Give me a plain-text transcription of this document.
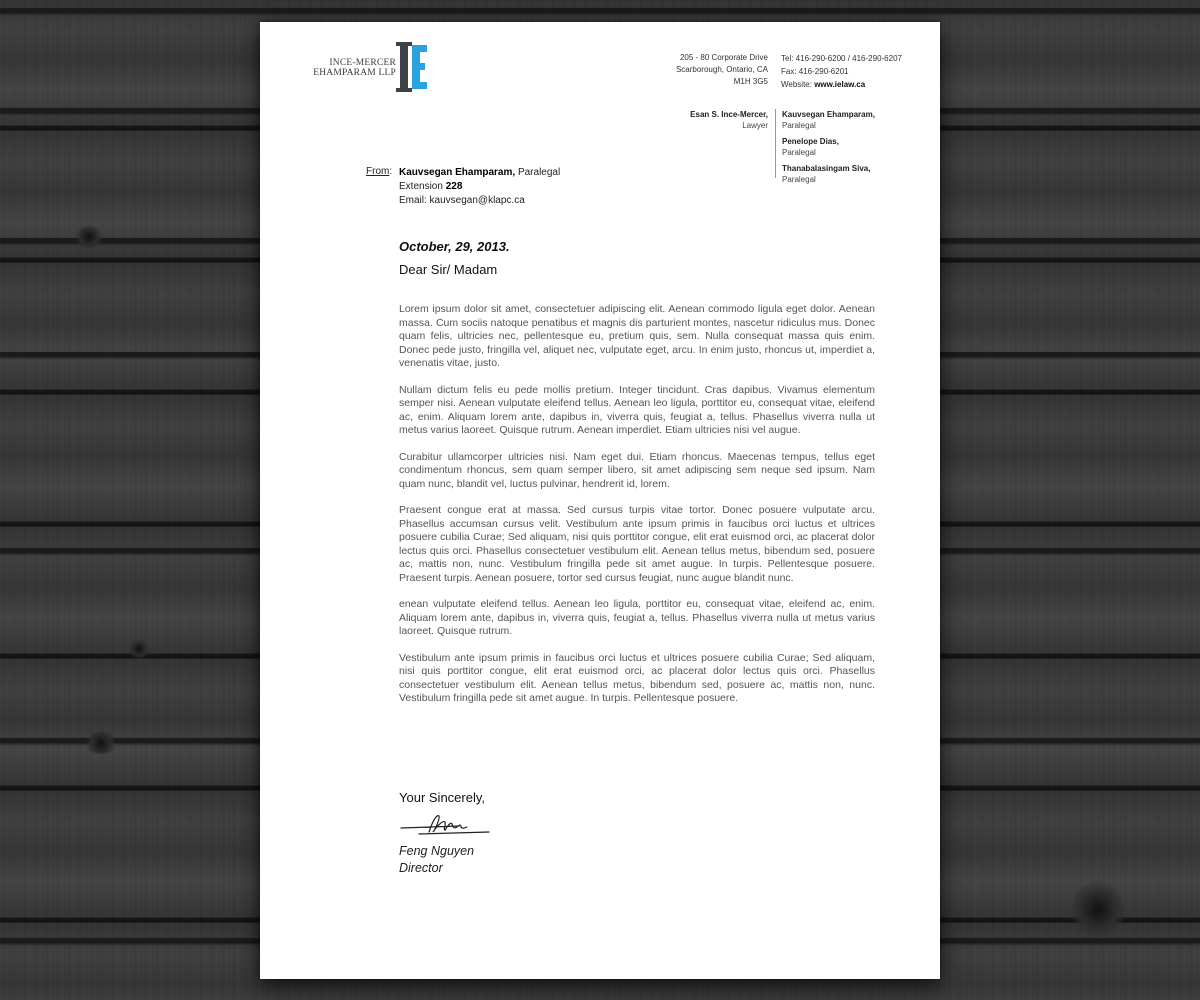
INCE-MERCER
EHAMPARAM LLP
205 - 80 Corporate Drive
Scarborough, Ontario, CA
M1H 3G5
Tel: 416-290-6200 / 416-290-6207
Fax: 416-290-6201
Website: www.ielaw.ca
Esan S. Ince-Mercer,
Lawyer
Kauvsegan Ehamparam,
Paralegal
Penelope Dias,
Paralegal
Thanabalasingam Siva,
Paralegal
From: Kauvsegan Ehamparam, Paralegal
Extension 228
Email: kauvsegan@klapc.ca
October, 29, 2013.
Dear Sir/ Madam

Lorem ipsum dolor sit amet, consectetuer adipiscing elit. Aenean commodo ligula eget dolor. Aenean massa. Cum sociis natoque penatibus et magnis dis parturient montes, nascetur ridiculus mus. Donec quam felis, ultricies nec, pellentesque eu, pretium quis, sem. Nulla consequat massa quis enim. Donec pede justo, fringilla vel, aliquet nec, vulputate eget, arcu. In enim justo, rhoncus ut, imperdiet a, venenatis vitae, justo.

Nullam dictum felis eu pede mollis pretium. Integer tincidunt. Cras dapibus. Vivamus elementum semper nisi. Aenean vulputate eleifend tellus. Aenean leo ligula, porttitor eu, consequat vitae, eleifend ac, enim. Aliquam lorem ante, dapibus in, viverra quis, feugiat a, tellus. Phasellus viverra nulla ut metus varius laoreet. Quisque rutrum. Aenean imperdiet. Etiam ultricies nisi vel augue.

Curabitur ullamcorper ultricies nisi. Nam eget dui. Etiam rhoncus. Maecenas tempus, tellus eget condimentum rhoncus, sem quam semper libero, sit amet adipiscing sem neque sed ipsum. Nam quam nunc, blandit vel, luctus pulvinar, hendrerit id, lorem.

Praesent congue erat at massa. Sed cursus turpis vitae tortor. Donec posuere vulputate arcu. Phasellus accumsan cursus velit. Vestibulum ante ipsum primis in faucibus orci luctus et ultrices posuere cubilia Curae; Sed aliquam, nisi quis porttitor congue, elit erat euismod orci, ac placerat dolor lectus quis orci. Phasellus consectetuer vestibulum elit. Aenean tellus metus, bibendum sed, posuere ac, mattis non, nunc. Vestibulum fringilla pede sit amet augue. In turpis. Pellentesque posuere. Praesent turpis. Aenean posuere, tortor sed cursus feugiat, nunc augue blandit nunc.

enean vulputate eleifend tellus. Aenean leo ligula, porttitor eu, consequat vitae, eleifend ac, enim. Aliquam lorem ante, dapibus in, viverra quis, feugiat a, tellus. Phasellus viverra nulla ut metus varius laoreet. Quisque rutrum.

Vestibulum ante ipsum primis in faucibus orci luctus et ultrices posuere cubilia Curae; Sed aliquam, nisi quis porttitor congue, elit erat euismod orci, ac placerat dolor lectus quis orci. Phasellus consectetuer vestibulum elit. Aenean tellus metus, bibendum sed, posuere ac, mattis non, nunc. Vestibulum fringilla pede sit amet augue. In turpis. Pellentesque posuere.

Your Sincerely,
Feng Nguyen
Director
